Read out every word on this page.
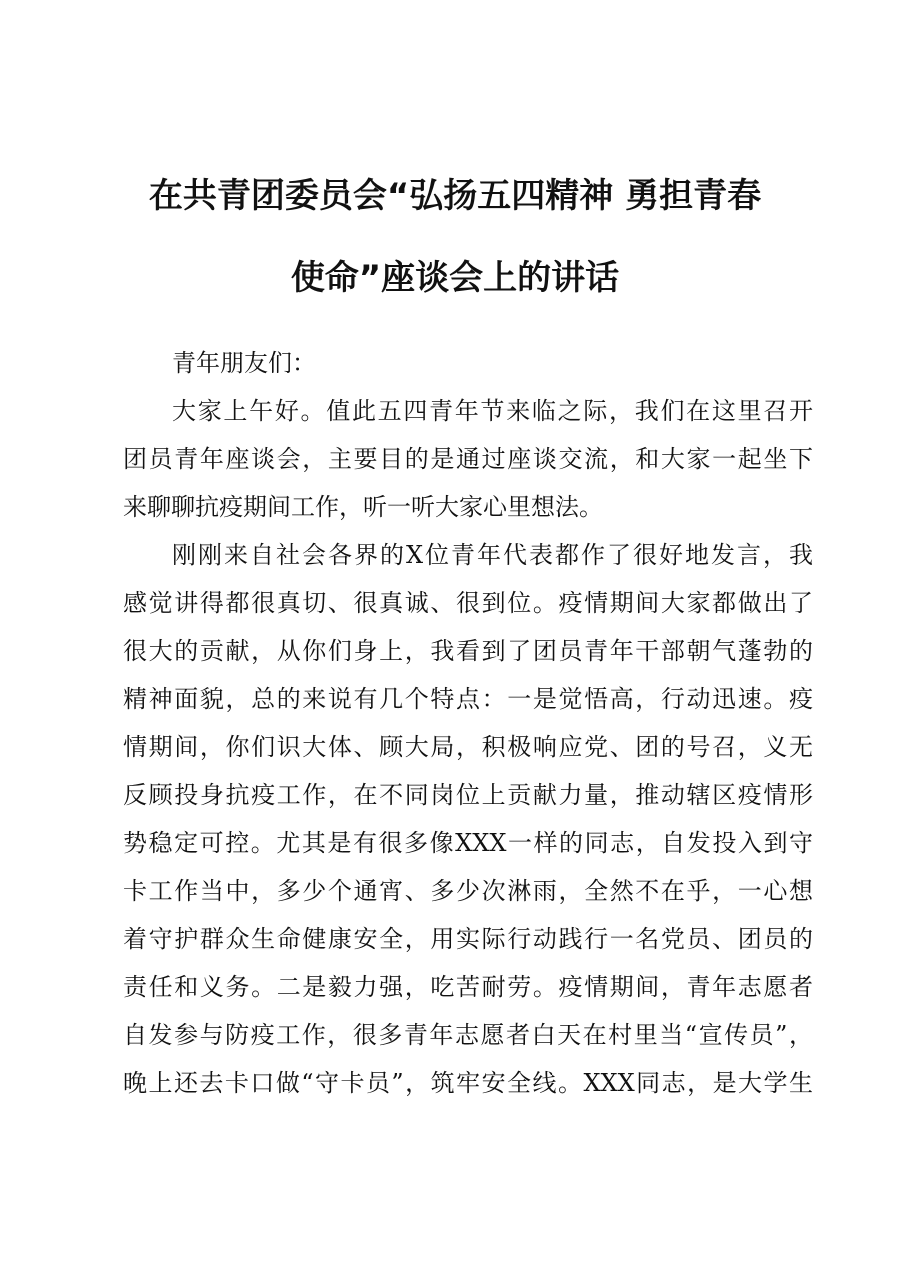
在共青团委员会“弘扬五四精神 勇担青春
使命”座谈会上的讲话

青年朋友们：

大家上午好。值此五四青年节来临之际，我们在这里召开

团员青年座谈会，主要目的是通过座谈交流，和大家一起坐下

来聊聊抗疫期间工作，听一听大家心里想法。

刚刚来自社会各界的X位青年代表都作了很好地发言，我

感觉讲得都很真切、很真诚、很到位。疫情期间大家都做出了

很大的贡献，从你们身上，我看到了团员青年干部朝气蓬勃的

精神面貌，总的来说有几个特点：一是觉悟高，行动迅速。疫

情期间，你们识大体、顾大局，积极响应党、团的号召，义无

反顾投身抗疫工作，在不同岗位上贡献力量，推动辖区疫情形

势稳定可控。尤其是有很多像XXX一样的同志，自发投入到守

卡工作当中，多少个通宵、多少次淋雨，全然不在乎，一心想

着守护群众生命健康安全，用实际行动践行一名党员、团员的

责任和义务。二是毅力强，吃苦耐劳。疫情期间，青年志愿者

自发参与防疫工作，很多青年志愿者白天在村里当“宣传员”，

晚上还去卡口做“守卡员”，筑牢安全线。XXX同志，是大学生
